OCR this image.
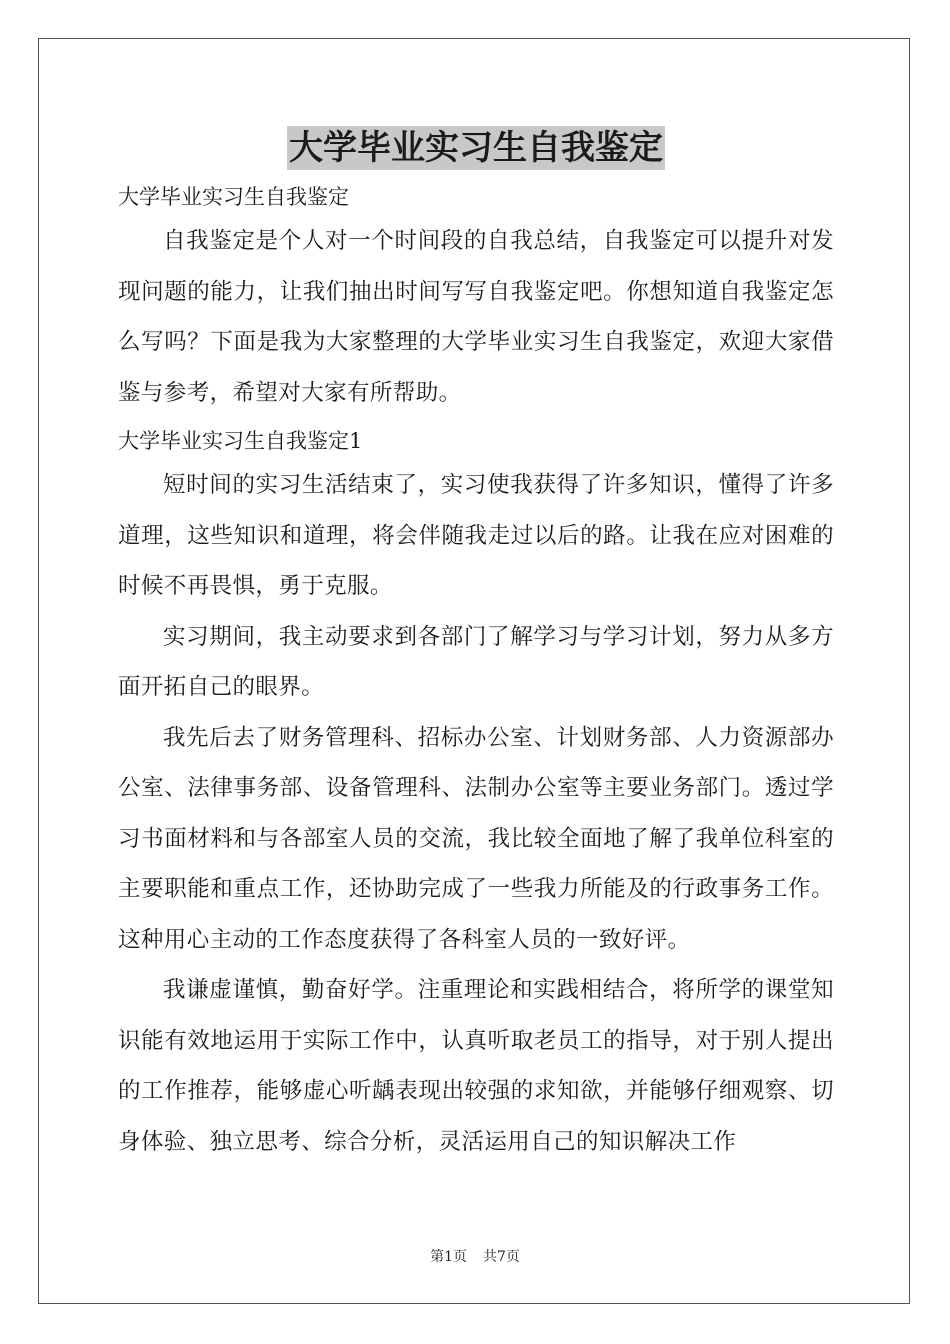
大学毕业实习生自我鉴定

大学毕业实习生自我鉴定

自我鉴定是个人对一个时间段的自我总结，自我鉴定可以提升对发现问题的能力，让我们抽出时间写写自我鉴定吧。你想知道自我鉴定怎么写吗？下面是我为大家整理的大学毕业实习生自我鉴定，欢迎大家借鉴与参考，希望对大家有所帮助。

大学毕业实习生自我鉴定1

短时间的实习生活结束了，实习使我获得了许多知识，懂得了许多道理，这些知识和道理，将会伴随我走过以后的路。让我在应对困难的时候不再畏惧，勇于克服。

实习期间，我主动要求到各部门了解学习与学习计划，努力从多方面开拓自己的眼界。

我先后去了财务管理科、招标办公室、计划财务部、人力资源部办公室、法律事务部、设备管理科、法制办公室等主要业务部门。透过学习书面材料和与各部室人员的交流，我比较全面地了解了我单位科室的主要职能和重点工作，还协助完成了一些我力所能及的行政事务工作。这种用心主动的工作态度获得了各科室人员的一致好评。

我谦虚谨慎，勤奋好学。注重理论和实践相结合，将所学的课堂知识能有效地运用于实际工作中，认真听取老员工的指导，对于别人提出的工作推荐，能够虚心听龋表现出较强的求知欲，并能够仔细观察、切身体验、独立思考、综合分析，灵活运用自己的知识解决工作

第1页 共7页
